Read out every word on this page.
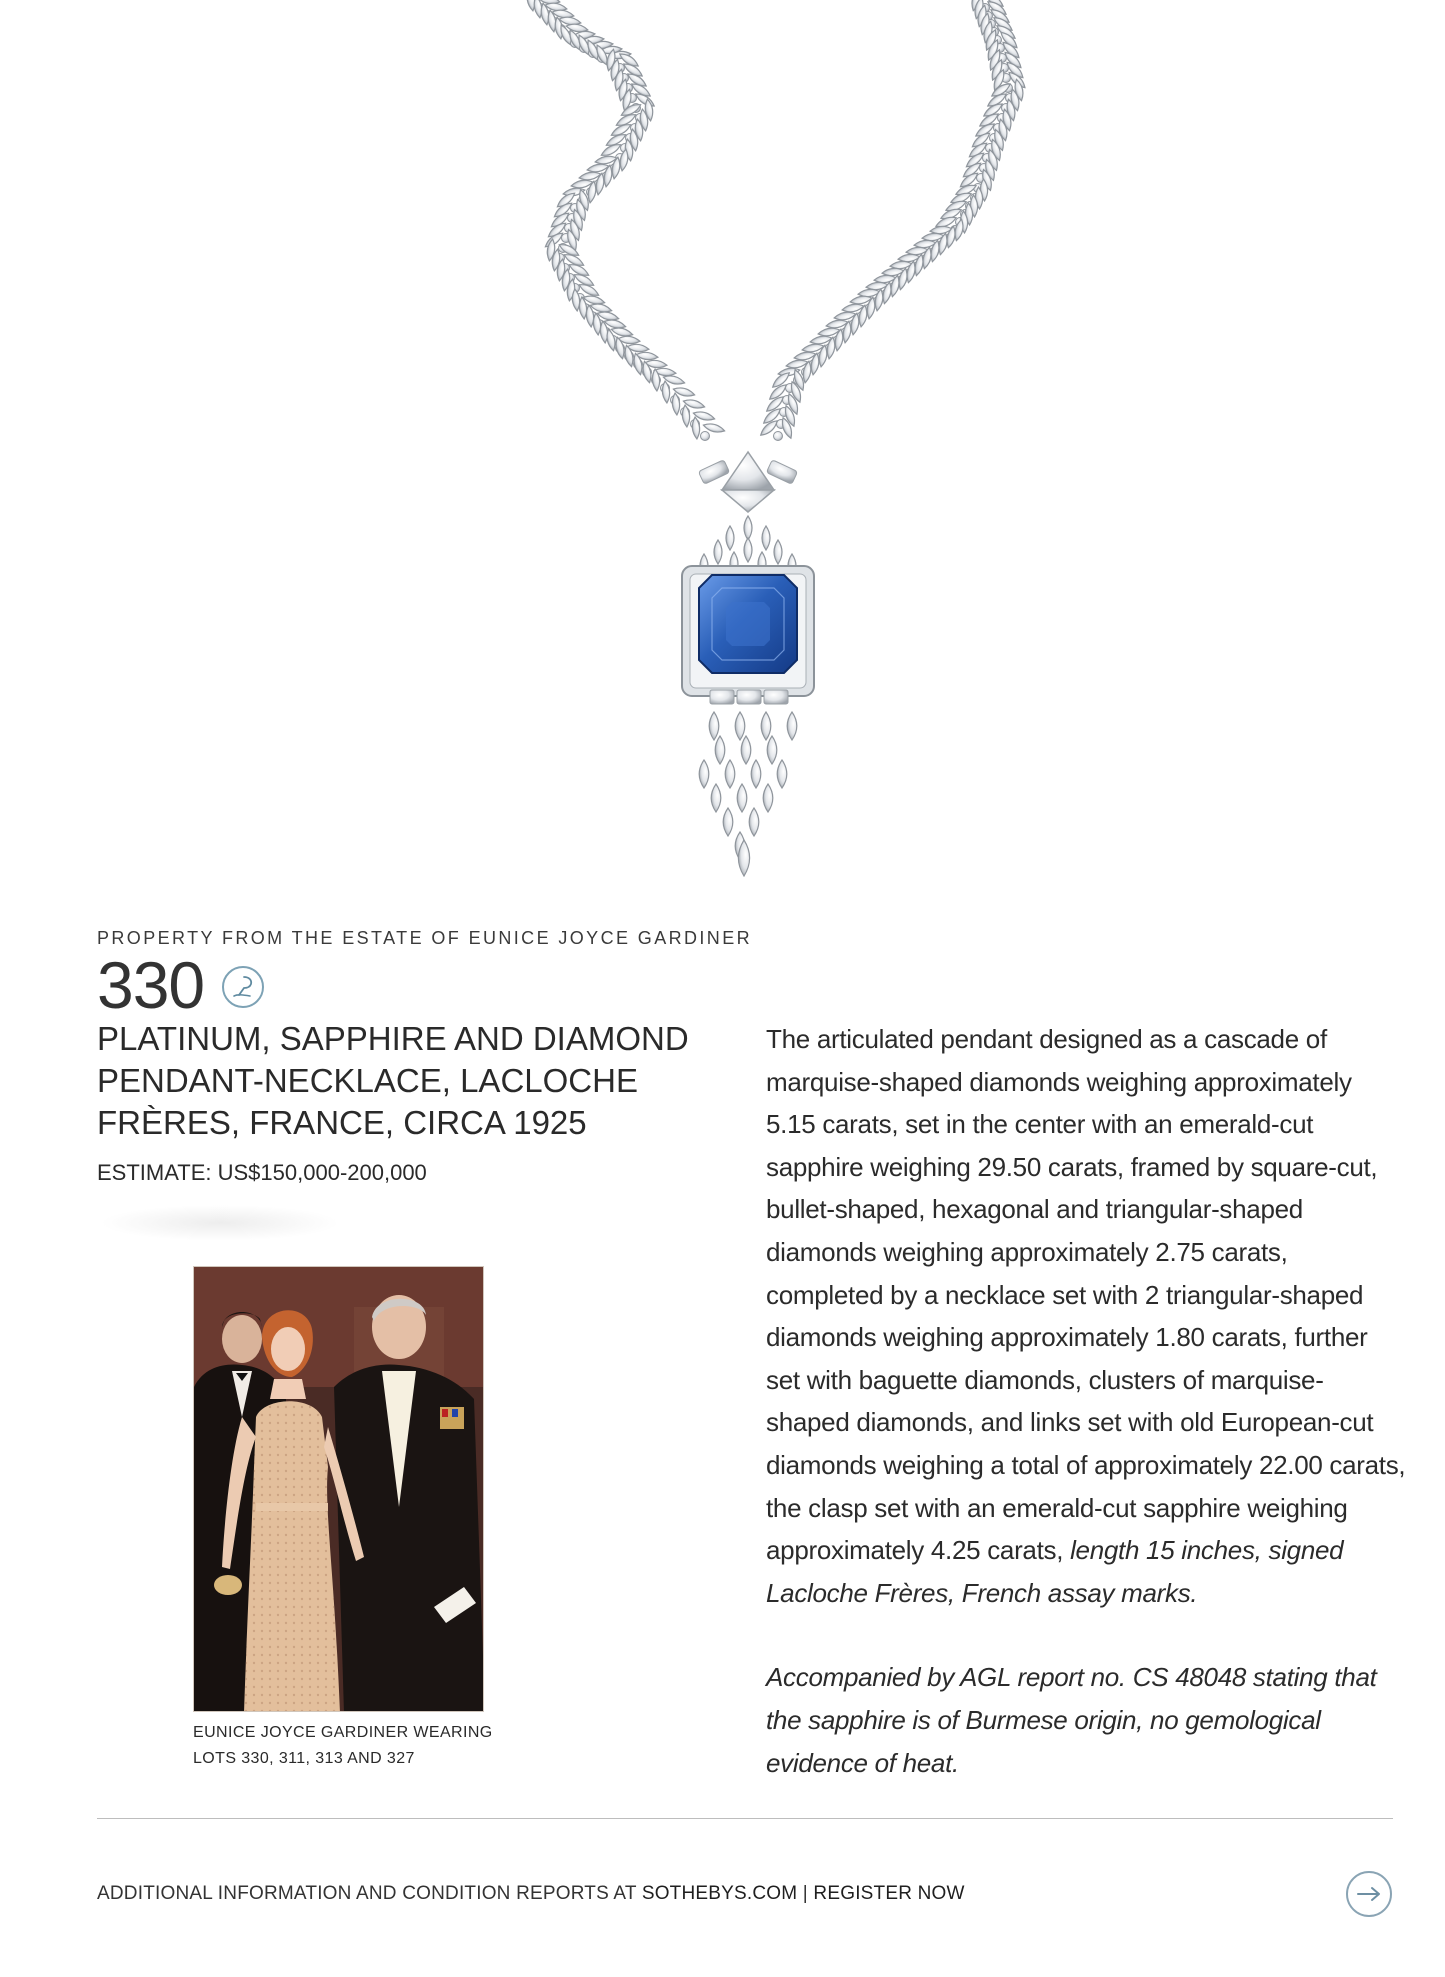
PROPERTY FROM THE ESTATE OF EUNICE JOYCE GARDINER
330
PLATINUM, SAPPHIRE AND DIAMOND PENDANT-NECKLACE, LACLOCHE FRÈRES, FRANCE, CIRCA 1925
ESTIMATE: US$150,000-200,000
EUNICE JOYCE GARDINER WEARING LOTS 330, 311, 313 AND 327

The articulated pendant designed as a cascade of marquise-shaped diamonds weighing approximately 5.15 carats, set in the center with an emerald-cut sapphire weighing 29.50 carats, framed by square-cut, bullet-shaped, hexagonal and triangular-shaped diamonds weighing approximately 2.75 carats, completed by a necklace set with 2 triangular-shaped diamonds weighing approximately 1.80 carats, further set with baguette diamonds, clusters of marquise-shaped diamonds, and links set with old European-cut diamonds weighing a total of approximately 22.00 carats, the clasp set with an emerald-cut sapphire weighing approximately 4.25 carats, length 15 inches, signed Lacloche Frères, French assay marks.

Accompanied by AGL report no. CS 48048 stating that the sapphire is of Burmese origin, no gemological evidence of heat.

ADDITIONAL INFORMATION AND CONDITION REPORTS AT SOTHEBYS.COM | REGISTER NOW
